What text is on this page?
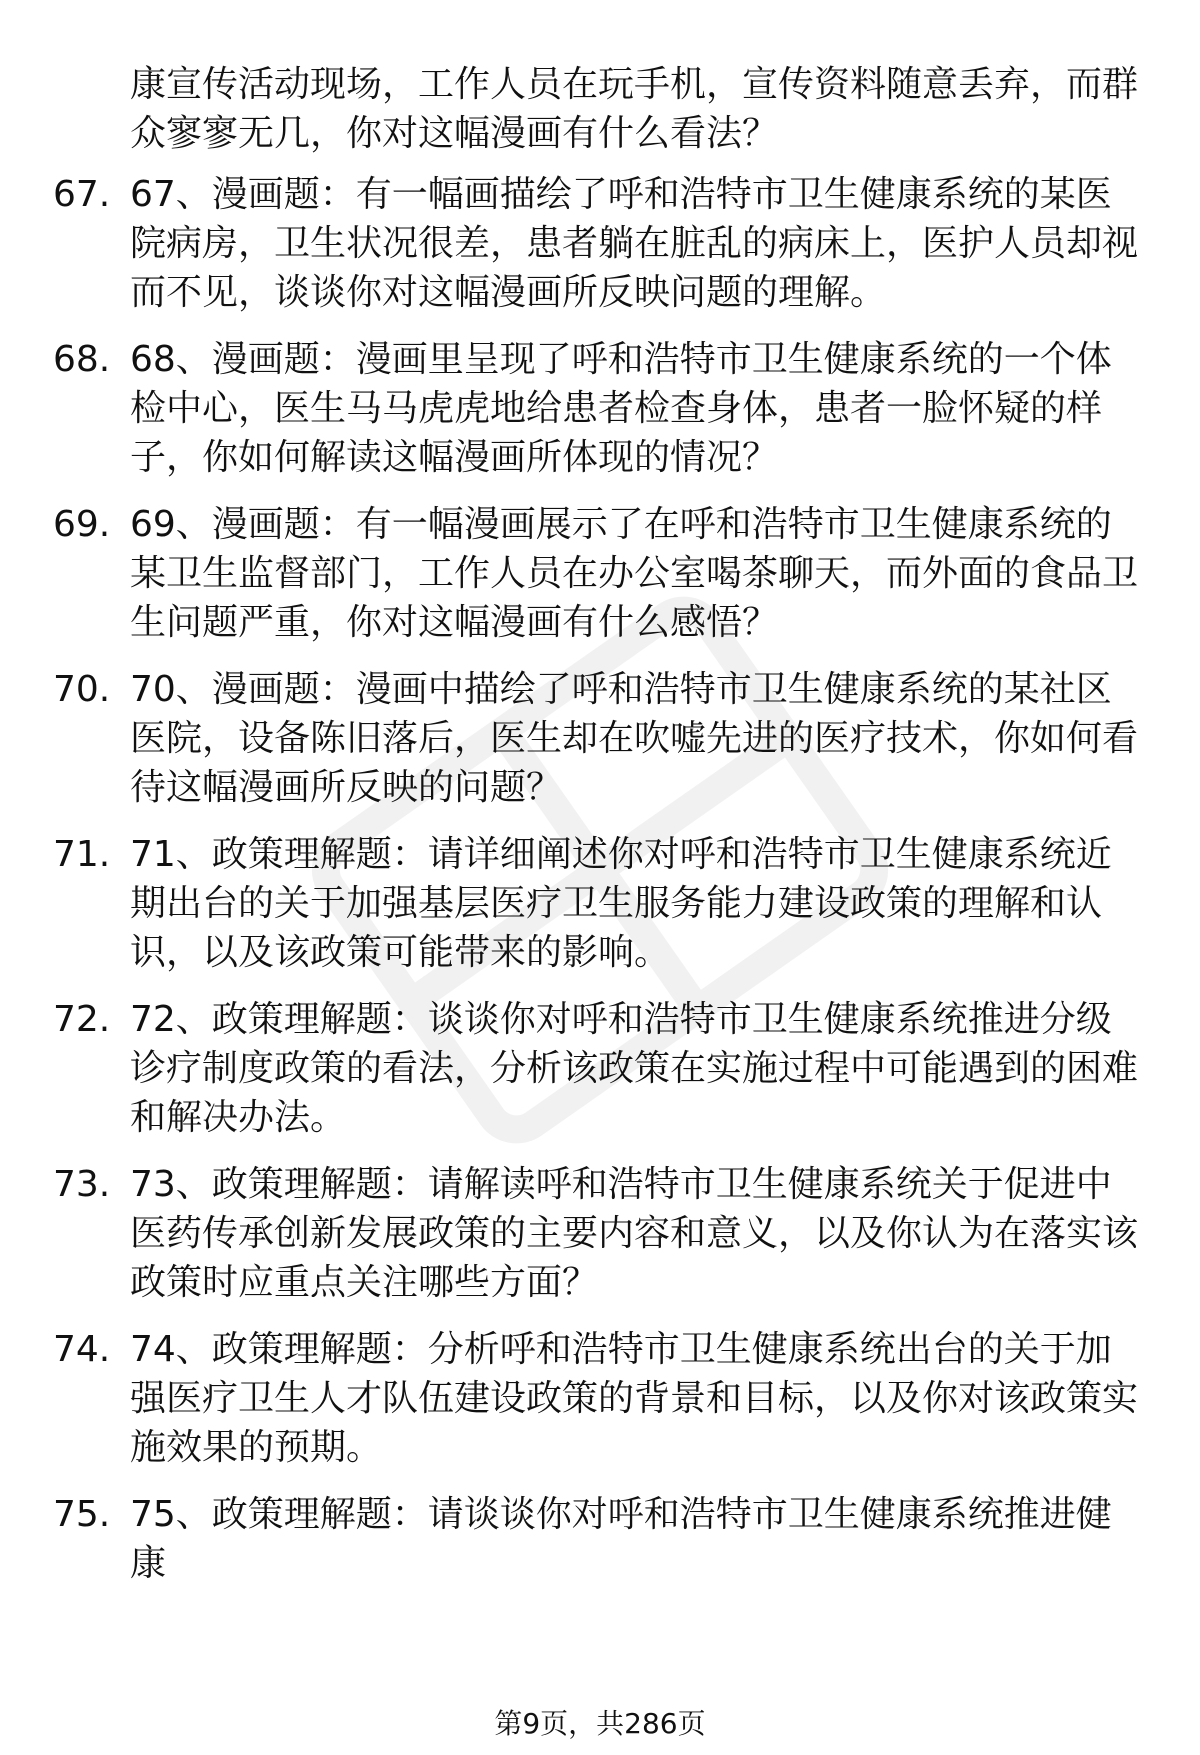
康宣传活动现场，工作人员在玩手机，宣传资料随意丢弃，而群众寥寥无几，你对这幅漫画有什么看法？
67. 67、漫画题：有一幅画描绘了呼和浩特市卫生健康系统的某医院病房，卫生状况很差，患者躺在脏乱的病床上，医护人员却视而不见，谈谈你对这幅漫画所反映问题的理解。
68. 68、漫画题：漫画里呈现了呼和浩特市卫生健康系统的一个体检中心，医生马马虎虎地给患者检查身体，患者一脸怀疑的样子，你如何解读这幅漫画所体现的情况？
69. 69、漫画题：有一幅漫画展示了在呼和浩特市卫生健康系统的某卫生监督部门，工作人员在办公室喝茶聊天，而外面的食品卫生问题严重，你对这幅漫画有什么感悟？
70. 70、漫画题：漫画中描绘了呼和浩特市卫生健康系统的某社区医院，设备陈旧落后，医生却在吹嘘先进的医疗技术，你如何看待这幅漫画所反映的问题？
71. 71、政策理解题：请详细阐述你对呼和浩特市卫生健康系统近期出台的关于加强基层医疗卫生服务能力建设政策的理解和认识，以及该政策可能带来的影响。
72. 72、政策理解题：谈谈你对呼和浩特市卫生健康系统推进分级诊疗制度政策的看法，分析该政策在实施过程中可能遇到的困难和解决办法。
73. 73、政策理解题：请解读呼和浩特市卫生健康系统关于促进中医药传承创新发展政策的主要内容和意义，以及你认为在落实该政策时应重点关注哪些方面？
74. 74、政策理解题：分析呼和浩特市卫生健康系统出台的关于加强医疗卫生人才队伍建设政策的背景和目标，以及你对该政策实施效果的预期。
75. 75、政策理解题：请谈谈你对呼和浩特市卫生健康系统推进健康
第9页，共286页
